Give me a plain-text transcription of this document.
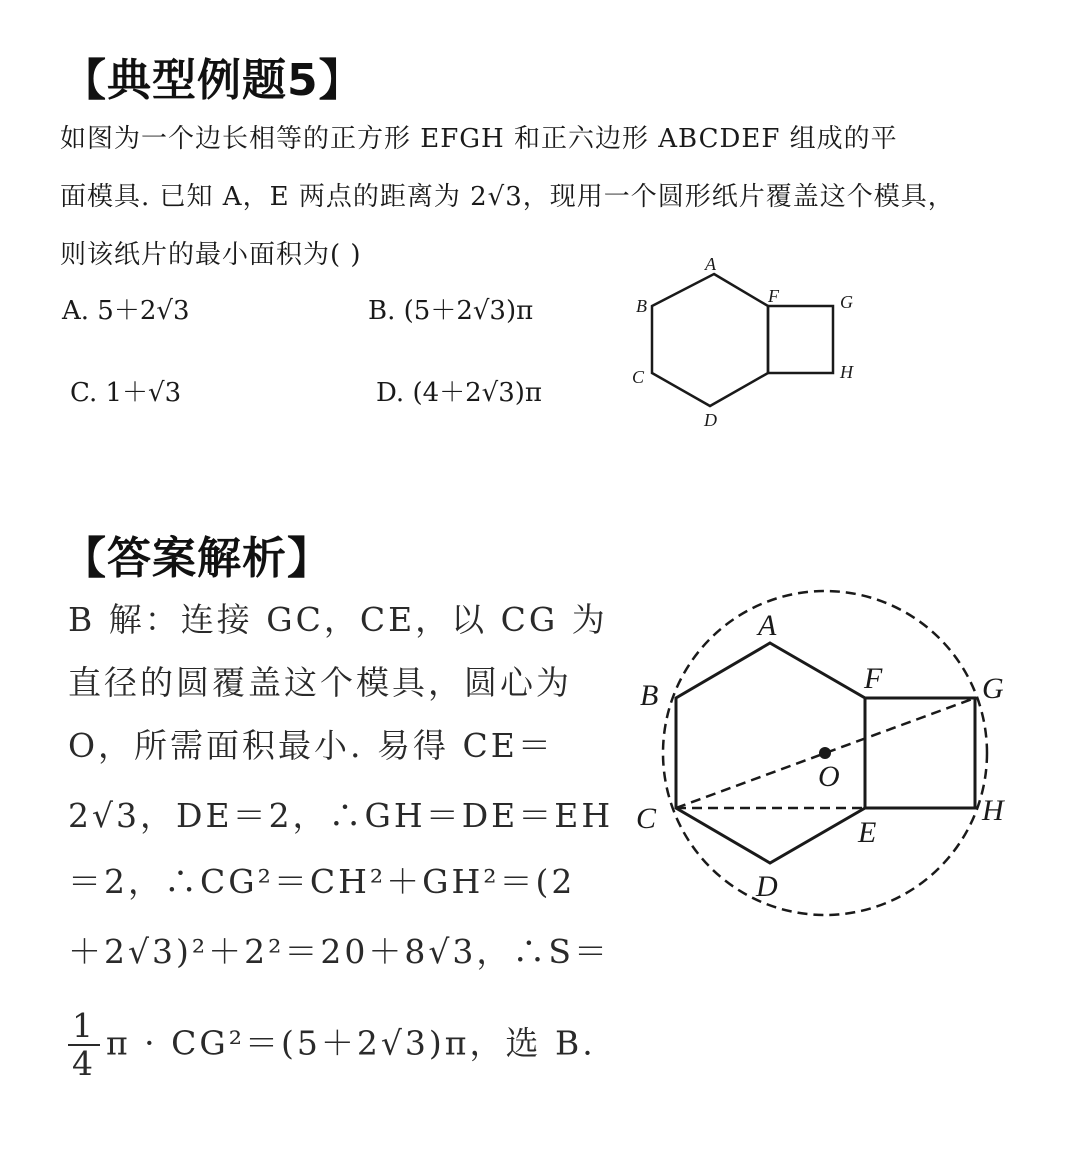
【典型例题5】
如图为一个边长相等的正方形 EFGH 和正六边形 ABCDEF 组成的平
面模具. 已知 A，E 两点的距离为 2√3，现用一个圆形纸片覆盖这个模具，
则该纸片的最小面积为( )
A. 5＋2√3	B. (5＋2√3)π
C. 1＋√3	D. (4＋2√3)π
A
B
C
D
F	G
H
【答案解析】
B 解：连接 GC，CE，以 CG 为
直径的圆覆盖这个模具，圆心为
O，所需面积最小. 易得 CE＝
2√3，DE＝2，∴GH＝DE＝EH
＝2，∴CG²＝CH²＋GH²＝(2
＋2√3)²＋2²＝20＋8√3，∴S＝
$\frac{1}{4}$ π · CG²＝(5＋2√3)π，选 B.
A
B
C
D
E
F	G
H
O
